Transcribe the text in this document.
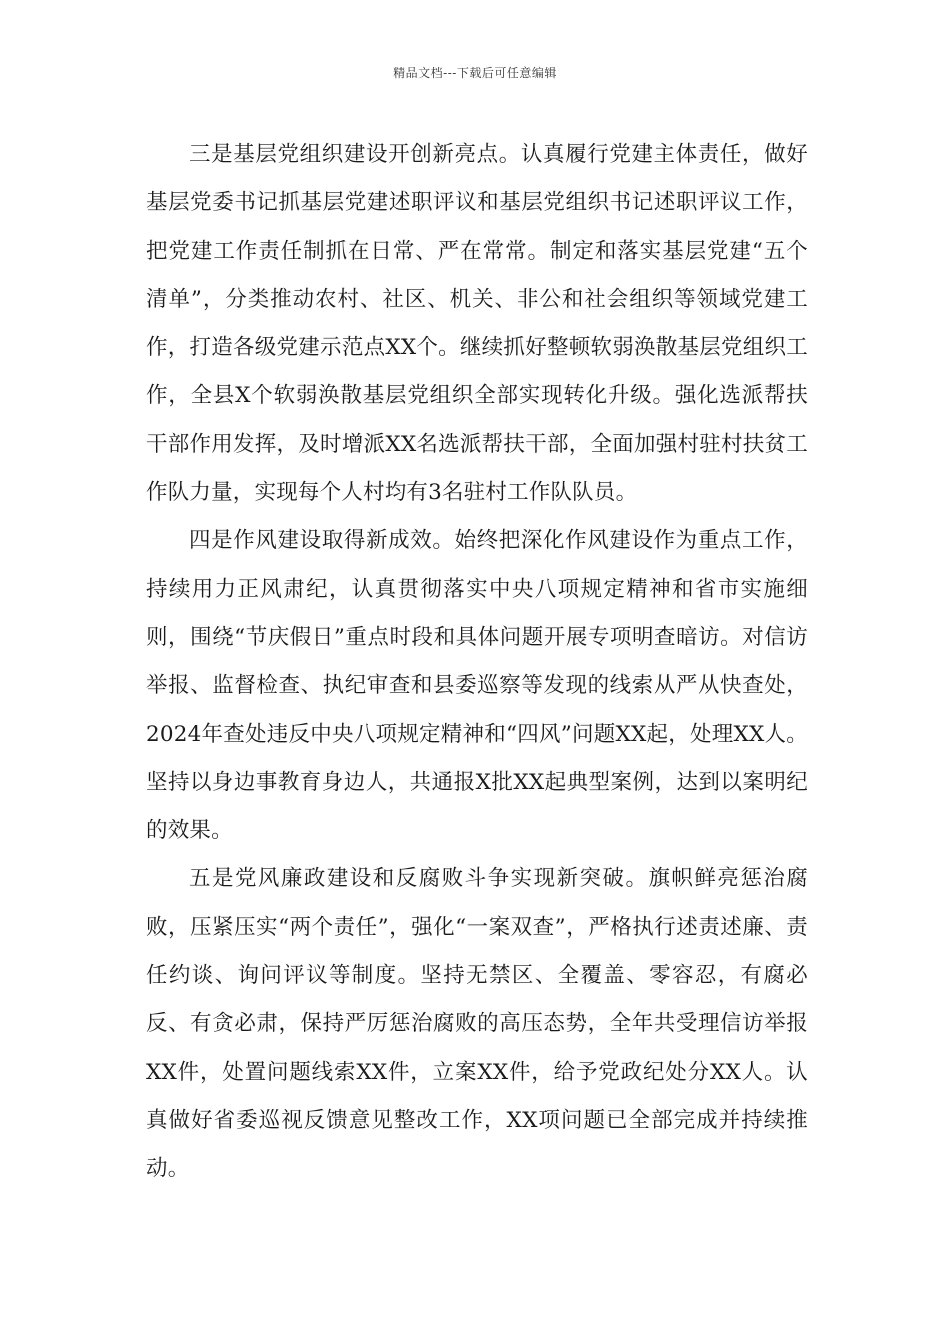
精品文档---下载后可任意编辑

三是基层党组织建设开创新亮点。认真履行党建主体责任，做好基层党委书记抓基层党建述职评议和基层党组织书记述职评议工作，把党建工作责任制抓在日常、严在常常。制定和落实基层党建“五个清单”，分类推动农村、社区、机关、非公和社会组织等领域党建工作，打造各级党建示范点XX个。继续抓好整顿软弱涣散基层党组织工作，全县X个软弱涣散基层党组织全部实现转化升级。强化选派帮扶干部作用发挥，及时增派XX名选派帮扶干部，全面加强村驻村扶贫工作队力量，实现每个人村均有3名驻村工作队队员。

四是作风建设取得新成效。始终把深化作风建设作为重点工作，持续用力正风肃纪，认真贯彻落实中央八项规定精神和省市实施细则，围绕“节庆假日”重点时段和具体问题开展专项明查暗访。对信访举报、监督检查、执纪审查和县委巡察等发现的线索从严从快查处，2024年查处违反中央八项规定精神和“四风”问题XX起，处理XX人。坚持以身边事教育身边人，共通报X批XX起典型案例，达到以案明纪的效果。

五是党风廉政建设和反腐败斗争实现新突破。旗帜鲜亮惩治腐败，压紧压实“两个责任”，强化“一案双查”，严格执行述责述廉、责任约谈、询问评议等制度。坚持无禁区、全覆盖、零容忍，有腐必反、有贪必肃，保持严厉惩治腐败的高压态势，全年共受理信访举报XX件，处置问题线索XX件，立案XX件，给予党政纪处分XX人。认真做好省委巡视反馈意见整改工作，XX项问题已全部完成并持续推动。
